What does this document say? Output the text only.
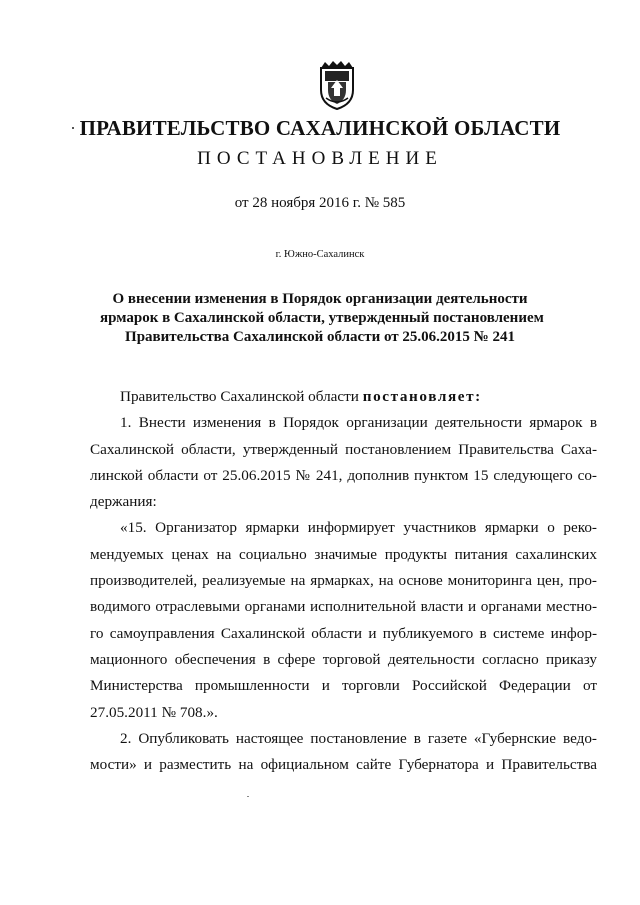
ПРАВИТЕЛЬСТВО САХАЛИНСКОЙ ОБЛАСТИ
ПОСТАНОВЛЕНИЕ
от 28 ноября 2016 г. № 585
г. Южно-Сахалинск
О внесении изменения в Порядок организации деятельности
ярмарок в Сахалинской области, утвержденный постановлением
Правительства Сахалинской области от 25.06.2015 № 241
Правительство Сахалинской области постановляет:
1. Внести изменения в Порядок организации деятельности ярмарок в
Сахалинской области, утвержденный постановлением Правительства Саха-
линской области от 25.06.2015 № 241, дополнив пунктом 15 следующего со-
держания:
«15. Организатор ярмарки информирует участников ярмарки о реко-
мендуемых ценах на социально значимые продукты питания сахалинских
производителей, реализуемые на ярмарках, на основе мониторинга цен, про-
водимого отраслевыми органами исполнительной власти и органами местно-
го самоуправления Сахалинской области и публикуемого в системе инфор-
мационного обеспечения в сфере торговой деятельности согласно приказу
Министерства промышленности и торговли Российской Федерации от
27.05.2011 № 708.».
2. Опубликовать настоящее постановление в газете «Губернские ведо-
мости» и разместить на официальном сайте Губернатора и Правительства
